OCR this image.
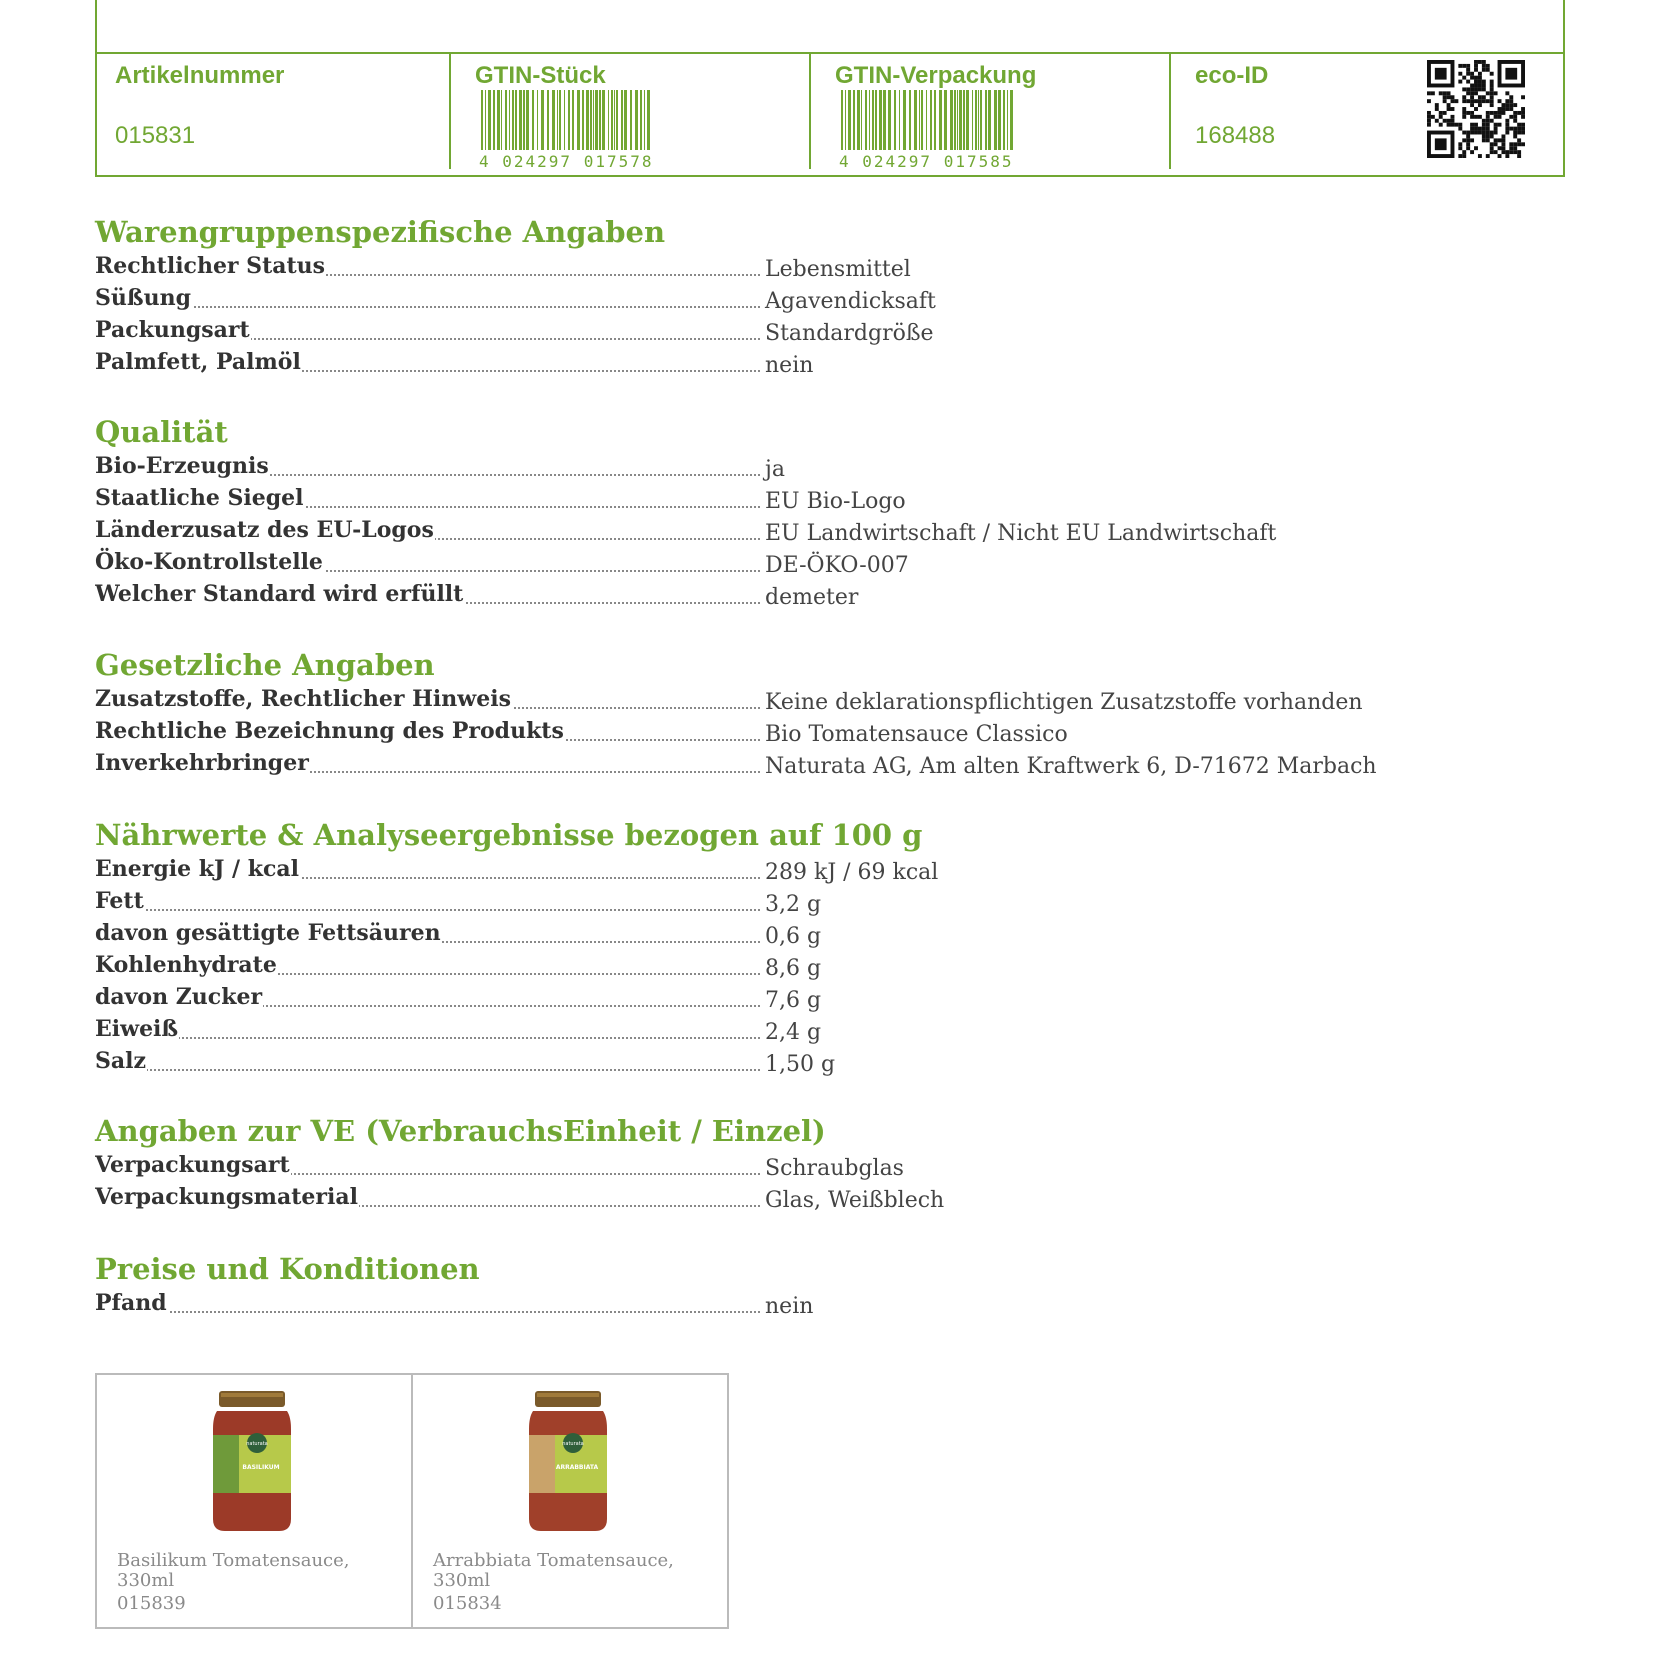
Artikelnummer
015831
GTIN-Stück
4 024297 017578
GTIN-Verpackung
4 024297 017585
eco-ID
168488
Warengruppenspezifische Angaben
Rechtlicher Status	Lebensmittel
Süßung	Agavendicksaft
Packungsart	Standardgröße
Palmfett, Palmöl	nein
Qualität
Bio-Erzeugnis	ja
Staatliche Siegel	EU Bio-Logo
Länderzusatz des EU-Logos	EU Landwirtschaft / Nicht EU Landwirtschaft
Öko-Kontrollstelle	DE-ÖKO-007
Welcher Standard wird erfüllt	demeter
Gesetzliche Angaben
Zusatzstoffe, Rechtlicher Hinweis	Keine deklarationspflichtigen Zusatzstoffe vorhanden
Rechtliche Bezeichnung des Produkts	Bio Tomatensauce Classico
Inverkehrbringer	Naturata AG, Am alten Kraftwerk 6, D-71672 Marbach
Nährwerte & Analyseergebnisse bezogen auf 100 g
Energie kJ / kcal	289 kJ / 69 kcal
Fett	3,2 g
davon gesättigte Fettsäuren	0,6 g
Kohlenhydrate	8,6 g
davon Zucker	7,6 g
Eiweiß	2,4 g
Salz	1,50 g
Angaben zur VE (VerbrauchsEinheit / Einzel)
Verpackungsart	Schraubglas
Verpackungsmaterial	Glas, Weißblech
Preise und Konditionen
Pfand	nein
naturata
BASILIKUM
Basilikum Tomatensauce, 330ml
015839
naturata
ARRABBIATA
Arrabbiata Tomatensauce, 330ml
015834
